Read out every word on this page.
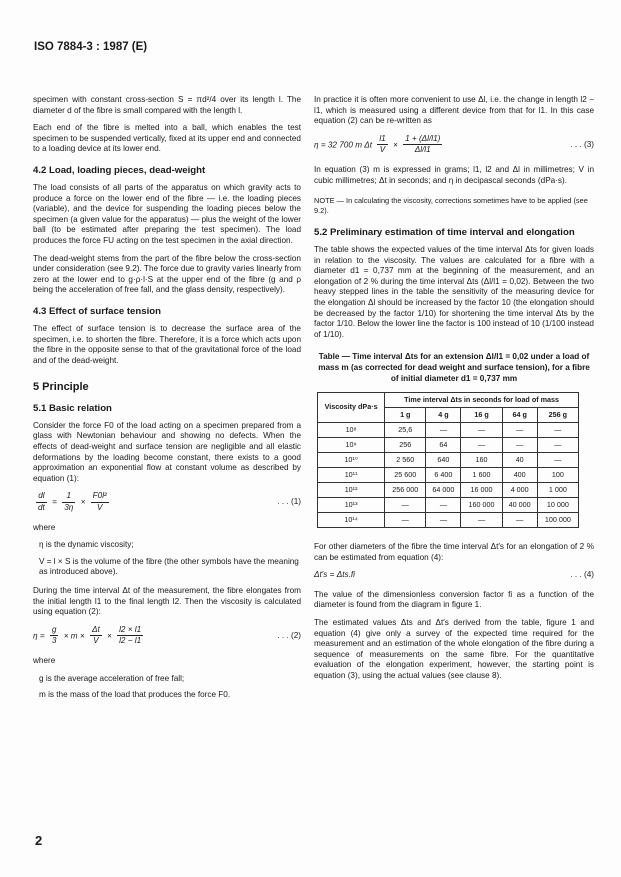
ISO 7884-3 : 1987 (E)

specimen with constant cross-section S = πd²/4 over its length l. The diameter d of the fibre is small compared with the length l.

Each end of the fibre is melted into a ball, which enables the test specimen to be suspended vertically, fixed at its upper end and connected to a loading device at its lower end.

4.2 Load, loading pieces, dead-weight

The load consists of all parts of the apparatus on which gravity acts to produce a force on the lower end of the fibre — i.e. the loading pieces (variable), and the device for suspending the loading pieces below the specimen (a given value for the apparatus) — plus the weight of the lower ball (to be estimated after preparing the test specimen). The load produces the force FU acting on the test specimen in the axial direction.

The dead-weight stems from the part of the fibre below the cross-section under consideration (see 9.2). The force due to gravity varies linearly from zero at the lower end to g·ρ·l·S at the upper end of the fibre (g and ρ being the acceleration of free fall, and the glass density, respectively).

4.3 Effect of surface tension

The effect of surface tension is to decrease the surface area of the specimen, i.e. to shorten the fibre. Therefore, it is a force which acts upon the fibre in the opposite sense to that of the gravitational force of the load and of the dead-weight.

5 Principle
5.1 Basic relation

Consider the force F0 of the load acting on a specimen prepared from a glass with Newtonian behaviour and showing no defects. When the effects of dead-weight and surface tension are negligible and all elastic deformations by the loading become constant, there exists to a good approximation an exponential flow at constant volume as described by equation (1):

$\frac{dl}{dt} = \frac{1}{3\eta} \times \frac{\text{F0l²}}{V}$	. . . (1)

where

η is the dynamic viscosity;
V = l × S is the volume of the fibre (the other symbols have the meaning as introduced above).

During the time interval Δt of the measurement, the fibre elongates from the initial length l1 to the final length l2. Then the viscosity is calculated using equation (2):

$\eta = \frac{g}{3} \times m \times \frac{\Delta t}{V} \times \frac{l2 \times l1}{l2 - l1}$	. . . (2)

where

g is the average acceleration of free fall;
m is the mass of the load that produces the force F0.

In practice it is often more convenient to use Δl, i.e. the change in length l2 − l1, which is measured using a different device from that for l1. In this case equation (2) can be re-written as

η = 32 700 m Δt $\frac{l1}{V} \times \frac{1 + (\Delta l/l1)}{\Delta l/l1}$	. . . (3)

In equation (3) m is expressed in grams; l1, l2 and Δl in millimetres; V in cubic millimetres; Δt in seconds; and η in decipascal seconds (dPa·s).

NOTE — In calculating the viscosity, corrections sometimes have to be applied (see 9.2).
5.2 Preliminary estimation of time interval and elongation

The table shows the expected values of the time interval Δts for given loads in relation to the viscosity. The values are calculated for a fibre with a diameter d1 = 0,737 mm at the beginning of the measurement, and an elongation of 2 % during the time interval Δts (Δl/l1 = 0,02). Between the two heavy stepped lines in the table the sensitivity of the measuring device for the elongation Δl should be increased by the factor 10 (the elongation should be decreased by the factor 1/10) for shortening the time interval Δts by the factor 1/10. Below the lower line the factor is 100 instead of 10 (1/100 instead of 1/10).

Table — Time interval Δts for an extension Δl/l1 = 0,02 under a load of mass m (as corrected for dead weight and surface tension), for a fibre of initial diameter d1 = 0,737 mm
Viscosity dPa·s	Time interval Δts in seconds for load of mass				
	1 g	4 g	16 g	64 g	256 g
10⁸	25,6	—	—	—	—
10⁹	256	64	—	—	—
10¹⁰	2 560	640	160	40	—
10¹¹	25 600	6 400	1 600	400	100
10¹²	256 000	64 000	16 000	4 000	1 000
10¹³	—	—	160 000	40 000	10 000
10¹⁴	—	—	—	—	100 000

For other diameters of the fibre the time interval Δt′s for an elongation of 2 % can be estimated from equation (4):

Δt′s = Δts.fi	. . . (4)

The value of the dimensionless conversion factor fi as a function of the diameter is found from the diagram in figure 1.

The estimated values Δts and Δt′s derived from the table, figure 1 and equation (4) give only a survey of the expected time required for the measurement and an estimation of the whole elongation of the fibre during a sequence of measurements on the same fibre. For the quantitative evaluation of the elongation experiment, however, the starting point is equation (3), using the actual values (see clause 8).

2
